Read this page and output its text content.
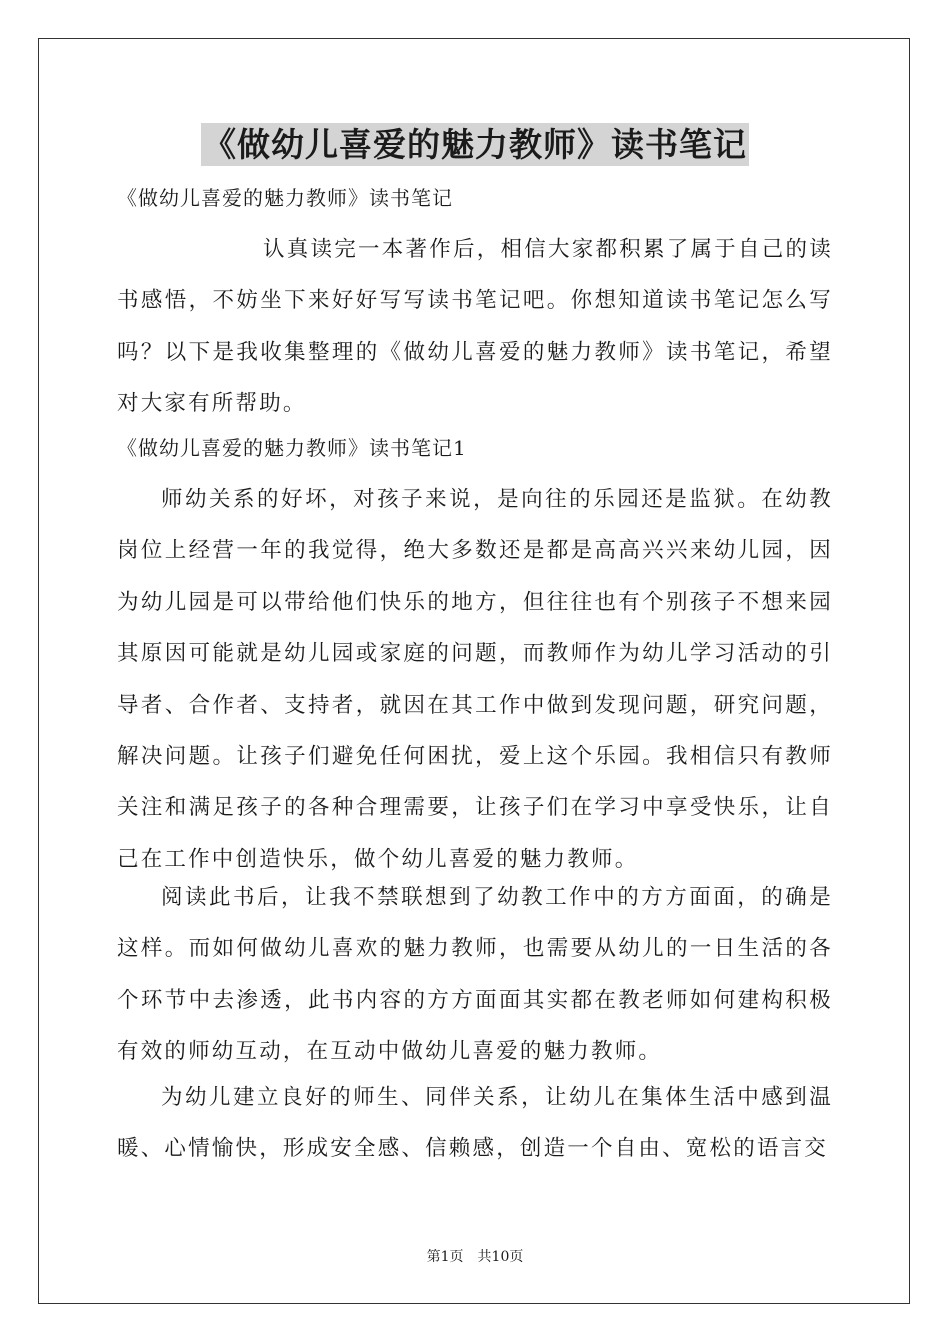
《做幼儿喜爱的魅力教师》读书笔记
《做幼儿喜爱的魅力教师》读书笔记

认真读完一本著作后，相信大家都积累了属于自己的读书感悟，不妨坐下来好好写写读书笔记吧。你想知道读书笔记怎么写吗？以下是我收集整理的《做幼儿喜爱的魅力教师》读书笔记，希望对大家有所帮助。

《做幼儿喜爱的魅力教师》读书笔记1

师幼关系的好坏，对孩子来说，是向往的乐园还是监狱。在幼教岗位上经营一年的我觉得，绝大多数还是都是高高兴兴来幼儿园，因为幼儿园是可以带给他们快乐的地方，但往往也有个别孩子不想来园其原因可能就是幼儿园或家庭的问题，而教师作为幼儿学习活动的引导者、合作者、支持者，就因在其工作中做到发现问题，研究问题，解决问题。让孩子们避免任何困扰，爱上这个乐园。我相信只有教师关注和满足孩子的各种合理需要，让孩子们在学习中享受快乐，让自己在工作中创造快乐，做个幼儿喜爱的魅力教师。

阅读此书后，让我不禁联想到了幼教工作中的方方面面，的确是这样。而如何做幼儿喜欢的魅力教师，也需要从幼儿的一日生活的各个环节中去渗透，此书内容的方方面面其实都在教老师如何建构积极有效的师幼互动，在互动中做幼儿喜爱的魅力教师。

为幼儿建立良好的师生、同伴关系，让幼儿在集体生活中感到温暖、心情愉快，形成安全感、信赖感，创造一个自由、宽松的语言交

第1页　共10页
